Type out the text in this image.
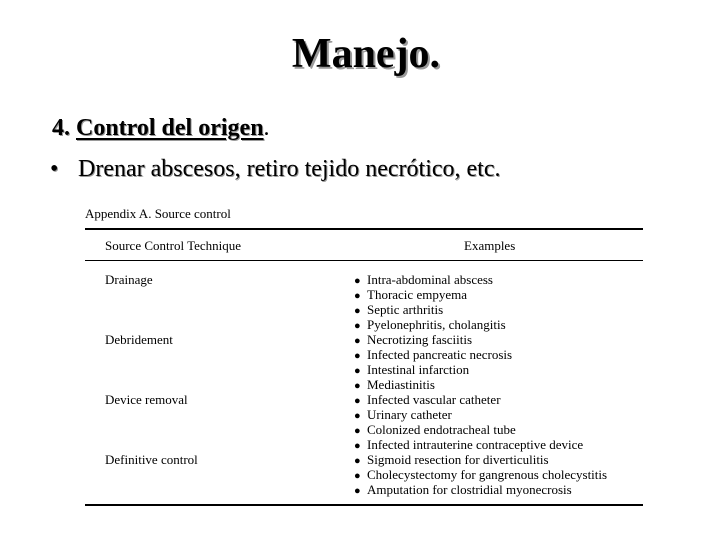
Manejo.
4. Control del origen.
• Drenar abscesos, retiro tejido necrótico, etc.
Appendix A. Source control
Source Control Technique	Examples
Drainage
Debridement
Device removal
Definitive control
● Intra-abdominal abscess
● Thoracic empyema
● Septic arthritis
● Pyelonephritis, cholangitis
● Necrotizing fasciitis
● Infected pancreatic necrosis
● Intestinal infarction
● Mediastinitis
● Infected vascular catheter
● Urinary catheter
● Colonized endotracheal tube
● Infected intrauterine contraceptive device
● Sigmoid resection for diverticulitis
● Cholecystectomy for gangrenous cholecystitis
● Amputation for clostridial myonecrosis
